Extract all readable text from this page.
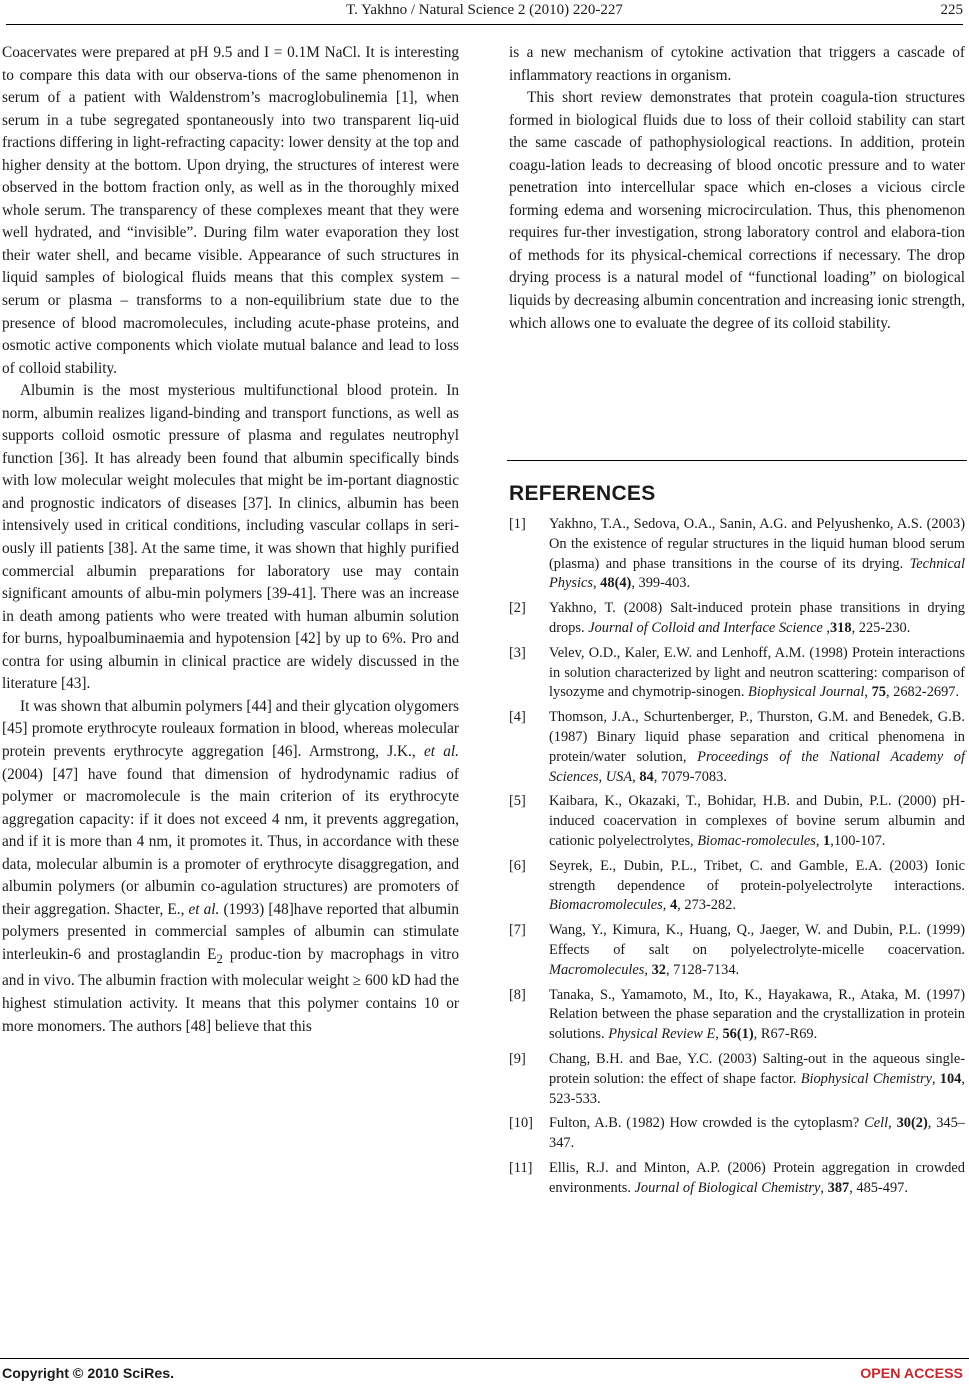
T. Yakhno / Natural Science 2 (2010) 220-227	225

Coacervates were prepared at pH 9.5 and I = 0.1M NaCl. It is interesting to compare this data with our observa-tions of the same phenomenon in serum of a patient with Waldenstrom’s macroglobulinemia [1], when serum in a tube segregated spontaneously into two transparent liq-uid fractions differing in light-refracting capacity: lower density at the top and higher density at the bottom. Upon drying, the structures of interest were observed in the bottom fraction only, as well as in the thoroughly mixed whole serum. The transparency of these complexes meant that they were well hydrated, and “invisible”. During film water evaporation they lost their water shell, and became visible. Appearance of such structures in liquid samples of biological fluids means that this complex system – serum or plasma – transforms to a non-equilibrium state due to the presence of blood macromolecules, including acute-phase proteins, and osmotic active components which violate mutual balance and lead to loss of colloid stability.

Albumin is the most mysterious multifunctional blood protein. In norm, albumin realizes ligand-binding and transport functions, as well as supports colloid osmotic pressure of plasma and regulates neutrophyl function [36]. It has already been found that albumin specifically binds with low molecular weight molecules that might be im-portant diagnostic and prognostic indicators of diseases [37]. In clinics, albumin has been intensively used in critical conditions, including vascular collaps in seri-ously ill patients [38]. At the same time, it was shown that highly purified commercial albumin preparations for laboratory use may contain significant amounts of albu-min polymers [39-41]. There was an increase in death among patients who were treated with human albumin solution for burns, hypoalbuminaemia and hypotension [42] by up to 6%. Pro and contra for using albumin in clinical practice are widely discussed in the literature [43].

It was shown that albumin polymers [44] and their glycation olygomers [45] promote erythrocyte rouleaux formation in blood, whereas molecular protein prevents erythrocyte aggregation [46]. Armstrong, J.K., et al. (2004) [47] have found that dimension of hydrodynamic radius of polymer or macromolecule is the main criterion of its erythrocyte aggregation capacity: if it does not exceed 4 nm, it prevents aggregation, and if it is more than 4 nm, it promotes it. Thus, in accordance with these data, molecular albumin is a promoter of erythrocyte disaggregation, and albumin polymers (or albumin co-agulation structures) are promoters of their aggregation. Shacter, E., et al. (1993) [48]have reported that albumin polymers presented in commercial samples of albumin can stimulate interleukin-6 and prostaglandin $E_2$ produc-tion by macrophags in vitro and in vivo. The albumin fraction with molecular weight ≥ 600 kD had the highest stimulation activity. It means that this polymer contains 10 or more monomers. The authors [48] believe that this

is a new mechanism of cytokine activation that triggers a cascade of inflammatory reactions in organism.

This short review demonstrates that protein coagula-tion structures formed in biological fluids due to loss of their colloid stability can start the same cascade of pathophysiological reactions. In addition, protein coagu-lation leads to decreasing of blood oncotic pressure and to water penetration into intercellular space which en-closes a vicious circle forming edema and worsening microcirculation. Thus, this phenomenon requires fur-ther investigation, strong laboratory control and elabora-tion of methods for its physical-chemical corrections if necessary. The drop drying process is a natural model of “functional loading” on biological liquids by decreasing albumin concentration and increasing ionic strength, which allows one to evaluate the degree of its colloid stability.

REFERENCES
[1] Yakhno, T.A., Sedova, O.A., Sanin, A.G. and Pelyushenko, A.S. (2003) On the existence of regular structures in the liquid human blood serum (plasma) and phase transitions in the course of its drying. Technical Physics, 48(4), 399-403.
[2] Yakhno, T. (2008) Salt-induced protein phase transitions in drying drops. Journal of Colloid and Interface Science ,318, 225-230.
[3] Velev, O.D., Kaler, E.W. and Lenhoff, A.M. (1998) Protein interactions in solution characterized by light and neutron scattering: comparison of lysozyme and chymotrip-sinogen. Biophysical Journal, 75, 2682-2697.
[4] Thomson, J.A., Schurtenberger, P., Thurston, G.M. and Benedek, G.B. (1987) Binary liquid phase separation and critical phenomena in protein/water solution, Proceedings of the National Academy of Sciences, USA, 84, 7079-7083.
[5] Kaibara, K., Okazaki, T., Bohidar, H.B. and Dubin, P.L. (2000) pH-induced coacervation in complexes of bovine serum albumin and cationic polyelectrolytes, Biomac-romolecules, 1,100-107.
[6] Seyrek, E., Dubin, P.L., Tribet, C. and Gamble, E.A. (2003) Ionic strength dependence of protein-polyelectrolyte interactions. Biomacromolecules, 4, 273-282.
[7] Wang, Y., Kimura, K., Huang, Q., Jaeger, W. and Dubin, P.L. (1999) Effects of salt on polyelectrolyte-micelle coacervation. Macromolecules, 32, 7128-7134.
[8] Tanaka, S., Yamamoto, M., Ito, K., Hayakawa, R., Ataka, M. (1997) Relation between the phase separation and the crystallization in protein solutions. Physical Review E, 56(1), R67-R69.
[9] Chang, B.H. and Bae, Y.C. (2003) Salting-out in the aqueous single-protein solution: the effect of shape factor. Biophysical Chemistry, 104, 523-533.
[10] Fulton, A.B. (1982) How crowded is the cytoplasm? Cell, 30(2), 345–347.
[11] Ellis, R.J. and Minton, A.P. (2006) Protein aggregation in crowded environments. Journal of Biological Chemistry, 387, 485-497.
Copyright © 2010 SciRes.	OPEN ACCESS
